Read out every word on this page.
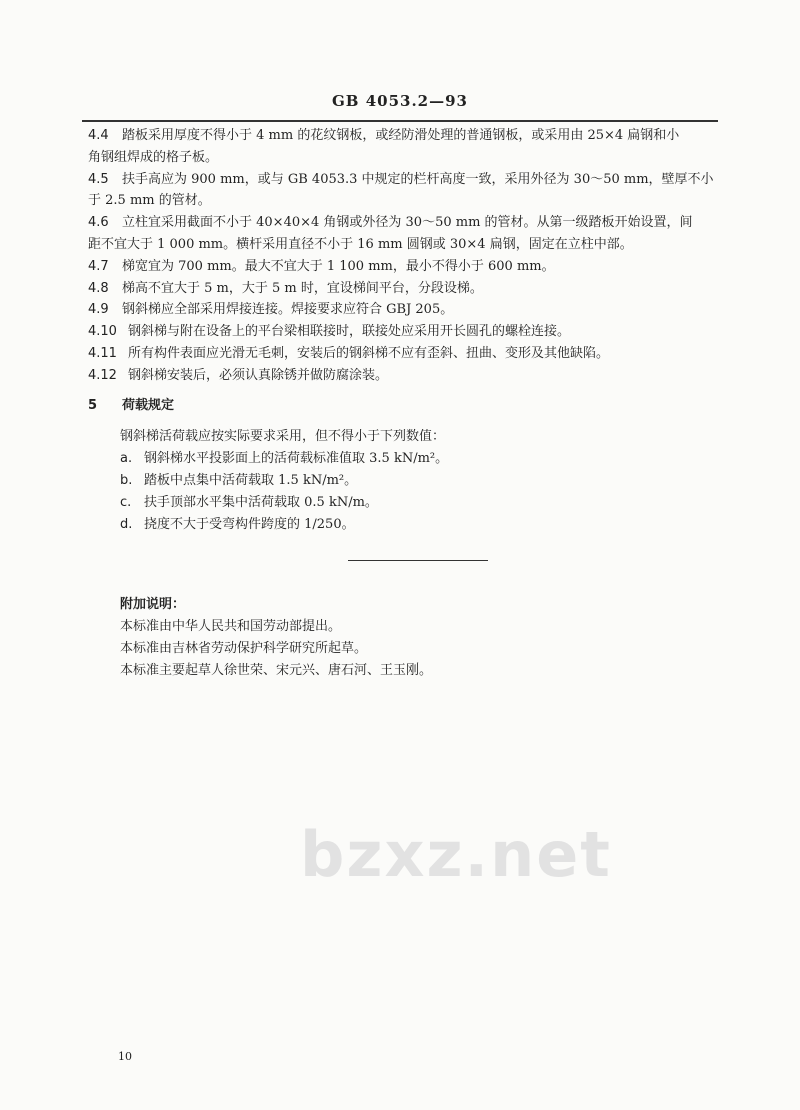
bzxz.net
GB 4053.2—93
4.4 踏板采用厚度不得小于 4 mm 的花纹钢板，或经防滑处理的普通钢板，或采用由 25×4 扁钢和小
角钢组焊成的格子板。
4.5 扶手高应为 900 mm，或与 GB 4053.3 中规定的栏杆高度一致，采用外径为 30～50 mm，壁厚不小
于 2.5 mm 的管材。
4.6 立柱宜采用截面不小于 40×40×4 角钢或外径为 30～50 mm 的管材。从第一级踏板开始设置，间
距不宜大于 1 000 mm。横杆采用直径不小于 16 mm 圆钢或 30×4 扁钢，固定在立柱中部。
4.7 梯宽宜为 700 mm。最大不宜大于 1 100 mm，最小不得小于 600 mm。
4.8 梯高不宜大于 5 m，大于 5 m 时，宜设梯间平台，分段设梯。
4.9 钢斜梯应全部采用焊接连接。焊接要求应符合 GBJ 205。
4.10 钢斜梯与附在设备上的平台梁相联接时，联接处应采用开长圆孔的螺栓连接。
4.11 所有构件表面应光滑无毛刺，安装后的钢斜梯不应有歪斜、扭曲、变形及其他缺陷。
4.12 钢斜梯安装后，必须认真除锈并做防腐涂装。
5 荷载规定
钢斜梯活荷载应按实际要求采用，但不得小于下列数值：
a. 钢斜梯水平投影面上的活荷载标准值取 3.5 kN/m²。
b. 踏板中点集中活荷载取 1.5 kN/m²。
c. 扶手顶部水平集中活荷载取 0.5 kN/m。
d. 挠度不大于受弯构件跨度的 1/250。
附加说明：
本标准由中华人民共和国劳动部提出。
本标准由吉林省劳动保护科学研究所起草。
本标准主要起草人徐世荣、宋元兴、唐石河、王玉刚。
10
